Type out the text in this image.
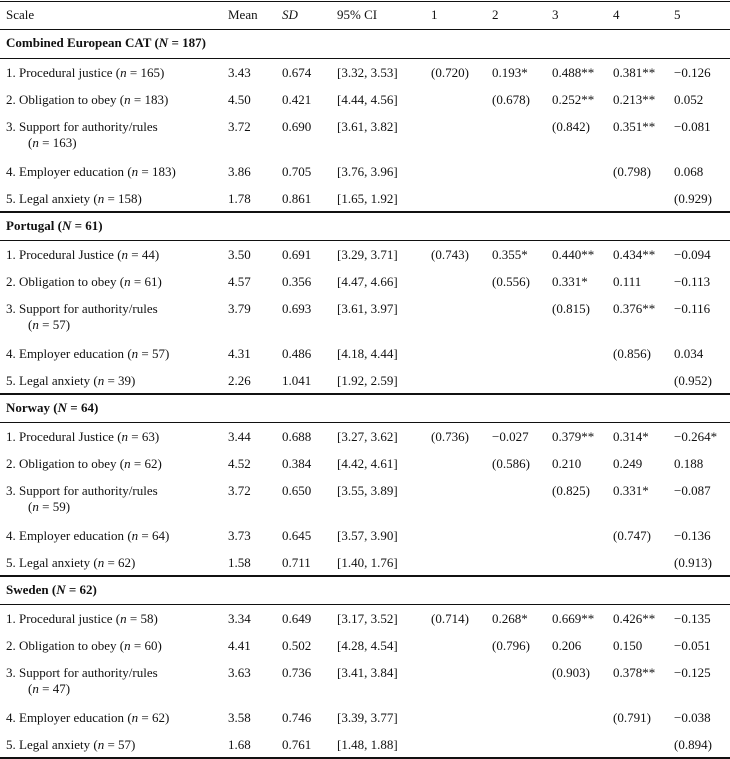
Scale	Mean	SD	95% CI	1	2	3	4	5
Combined European CAT (N = 187)								
1. Procedural justice (n = 165)	3.43	0.674	[3.32, 3.53]	(0.720)	0.193*	0.488**	0.381**	−0.126
2. Obligation to obey (n = 183)	4.50	0.421	[4.44, 4.56]		(0.678)	0.252**	0.213**	0.052
3. Support for authority/rules
(n = 163)	3.72	0.690	[3.61, 3.82]			(0.842)	0.351**	−0.081
4. Employer education (n = 183)	3.86	0.705	[3.76, 3.96]				(0.798)	0.068
5. Legal anxiety (n = 158)	1.78	0.861	[1.65, 1.92]					(0.929)
Portugal (N = 61)								
1. Procedural Justice (n = 44)	3.50	0.691	[3.29, 3.71]	(0.743)	0.355*	0.440**	0.434**	−0.094
2. Obligation to obey (n = 61)	4.57	0.356	[4.47, 4.66]		(0.556)	0.331*	0.111	−0.113
3. Support for authority/rules
(n = 57)	3.79	0.693	[3.61, 3.97]			(0.815)	0.376**	−0.116
4. Employer education (n = 57)	4.31	0.486	[4.18, 4.44]				(0.856)	0.034
5. Legal anxiety (n = 39)	2.26	1.041	[1.92, 2.59]					(0.952)
Norway (N = 64)								
1. Procedural Justice (n = 63)	3.44	0.688	[3.27, 3.62]	(0.736)	−0.027	0.379**	0.314*	−0.264*
2. Obligation to obey (n = 62)	4.52	0.384	[4.42, 4.61]		(0.586)	0.210	0.249	0.188
3. Support for authority/rules
(n = 59)	3.72	0.650	[3.55, 3.89]			(0.825)	0.331*	−0.087
4. Employer education (n = 64)	3.73	0.645	[3.57, 3.90]				(0.747)	−0.136
5. Legal anxiety (n = 62)	1.58	0.711	[1.40, 1.76]					(0.913)
Sweden (N = 62)								
1. Procedural justice (n = 58)	3.34	0.649	[3.17, 3.52]	(0.714)	0.268*	0.669**	0.426**	−0.135
2. Obligation to obey (n = 60)	4.41	0.502	[4.28, 4.54]		(0.796)	0.206	0.150	−0.051
3. Support for authority/rules
(n = 47)	3.63	0.736	[3.41, 3.84]			(0.903)	0.378**	−0.125
4. Employer education (n = 62)	3.58	0.746	[3.39, 3.77]				(0.791)	−0.038
5. Legal anxiety (n = 57)	1.68	0.761	[1.48, 1.88]					(0.894)
